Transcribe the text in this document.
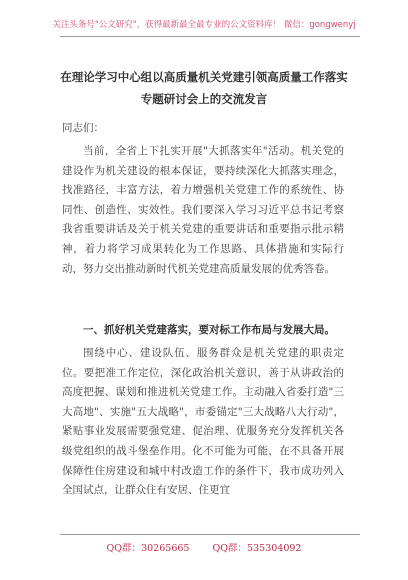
关注头条号"公文研究"，获得最新最全最专业的公文资料库！ 微信：gongwenyj
在理论学习中心组以高质量机关党建引领高质量工作落实
专题研讨会上的交流发言
同志们：

当前，全省上下扎实开展"大抓落实年"活动。机关党的建设作为机关建设的根本保证，要持续深化大抓落实理念，找准路径，丰富方法，着力增强机关党建工作的系统性、协同性、创造性、实效性。我们要深入学习习近平总书记考察我省重要讲话及关于机关党建的重要讲话和重要指示批示精神，着力将学习成果转化为工作思路、具体措施和实际行动，努力交出推动新时代机关党建高质量发展的优秀答卷。

一、抓好机关党建落实，要对标工作布局与发展大局。

围绕中心、建设队伍、服务群众是机关党建的职责定位。要把准工作定位，深化政治机关意识，善于从讲政治的高度把握、谋划和推进机关党建工作。主动融入省委打造"三大高地"、实施"五大战略"，市委锚定"三大战略八大行动"，紧贴事业发展需要强党建、促治理、优服务充分发挥机关各级党组织的战斗堡垒作用。化不可能为可能，在不具备开展保障性住房建设和城中村改造工作的条件下，我市成功列入全国试点，让群众住有安居、住更宜

QQ群：30265665 QQ群：535304092
